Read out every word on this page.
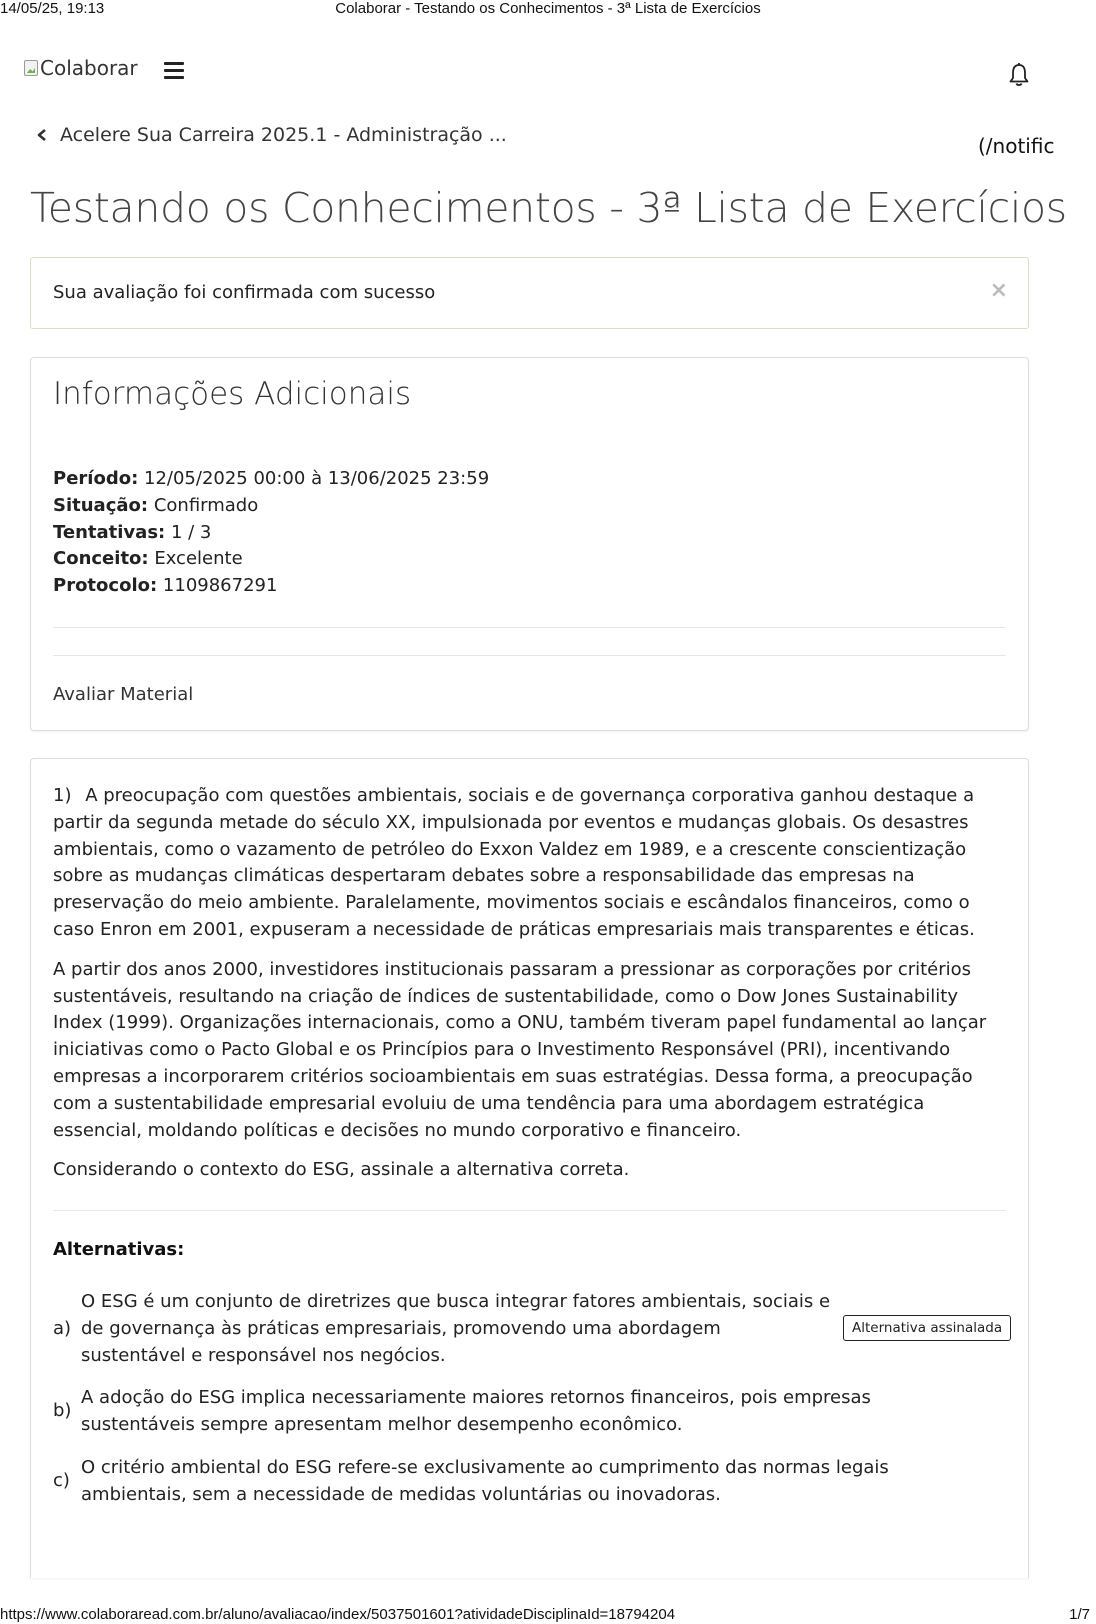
14/05/25, 19:13	Colaborar - Testando os Conhecimentos - 3ª Lista de Exercícios
Colaborar
Acelere Sua Carreira 2025.1 - Administração ...	(/notific
Testando os Conhecimentos - 3ª Lista de Exercícios
Sua avaliação foi confirmada com sucesso	×
Informações Adicionais
Período: 12/05/2025 00:00 à 13/06/2025 23:59
Situação: Confirmado
Tentativas: 1 / 3
Conceito: Excelente
Protocolo: 1109867291
Avaliar Material

1) A preocupação com questões ambientais, sociais e de governança corporativa ganhou destaque a partir da segunda metade do século XX, impulsionada por eventos e mudanças globais. Os desastres ambientais, como o vazamento de petróleo do Exxon Valdez em 1989, e a crescente conscientização sobre as mudanças climáticas despertaram debates sobre a responsabilidade das empresas na preservação do meio ambiente. Paralelamente, movimentos sociais e escândalos financeiros, como o caso Enron em 2001, expuseram a necessidade de práticas empresariais mais transparentes e éticas.

A partir dos anos 2000, investidores institucionais passaram a pressionar as corporações por critérios sustentáveis, resultando na criação de índices de sustentabilidade, como o Dow Jones Sustainability Index (1999). Organizações internacionais, como a ONU, também tiveram papel fundamental ao lançar iniciativas como o Pacto Global e os Princípios para o Investimento Responsável (PRI), incentivando empresas a incorporarem critérios socioambientais em suas estratégias. Dessa forma, a preocupação com a sustentabilidade empresarial evoluiu de uma tendência para uma abordagem estratégica essencial, moldando políticas e decisões no mundo corporativo e financeiro.

Considerando o contexto do ESG, assinale a alternativa correta.

Alternativas:
a)
O ESG é um conjunto de diretrizes que busca integrar fatores ambientais, sociais e de governança às práticas empresariais, promovendo uma abordagem sustentável e responsável nos negócios.
Alternativa assinalada
b)
A adoção do ESG implica necessariamente maiores retornos financeiros, pois empresas sustentáveis sempre apresentam melhor desempenho econômico.
c)
O critério ambiental do ESG refere-se exclusivamente ao cumprimento das normas legais ambientais, sem a necessidade de medidas voluntárias ou inovadoras.
https://www.colaboraread.com.br/aluno/avaliacao/index/5037501601?atividadeDisciplinaId=18794204	1/7
